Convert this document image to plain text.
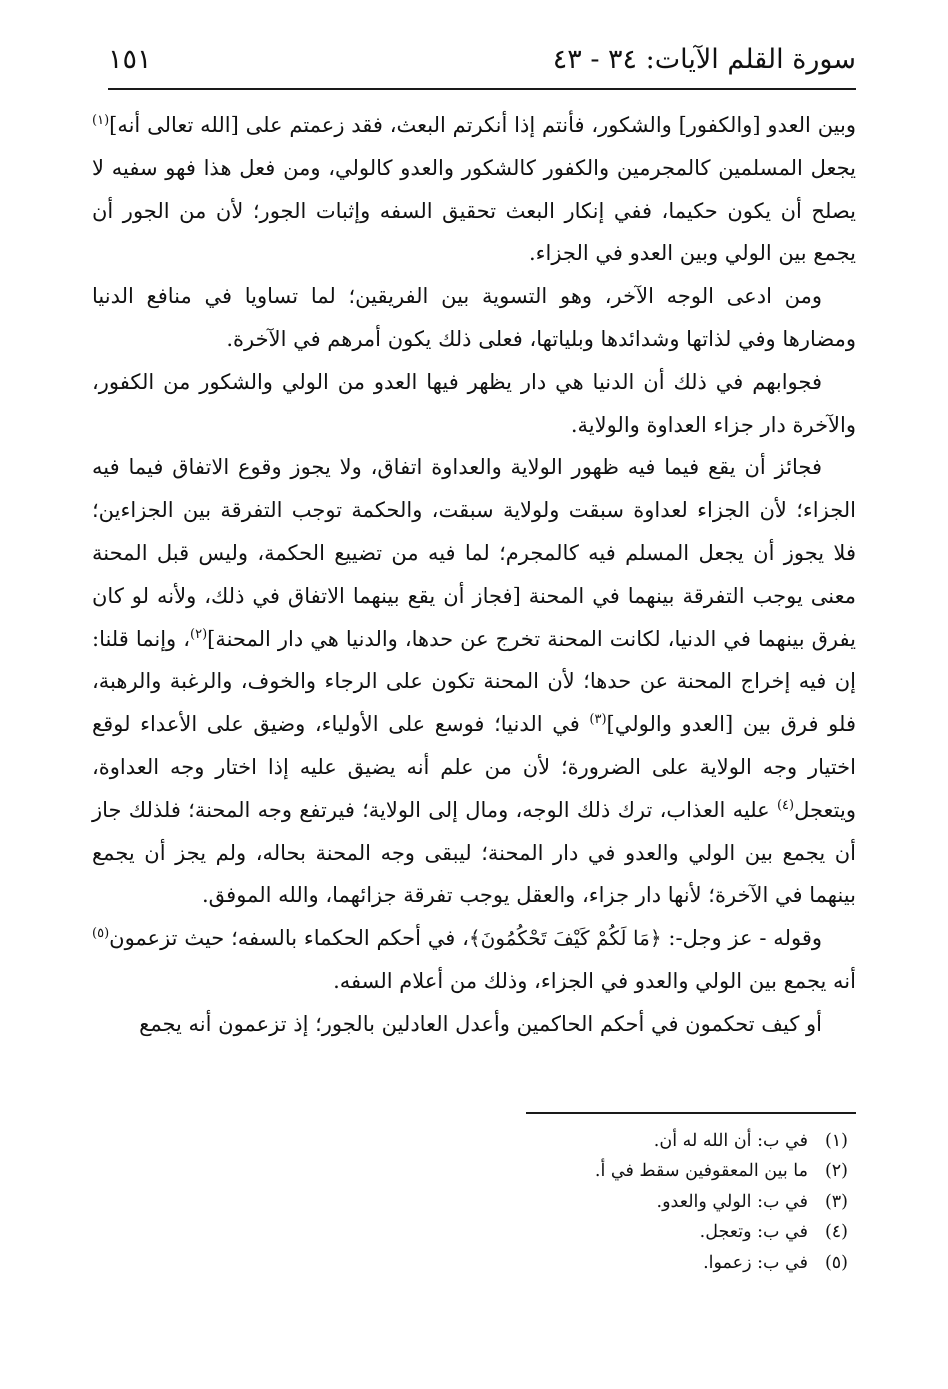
سورة القلم الآيات: ٣٤ - ٤٣
١٥١

وبين العدو [والكفور] والشكور، فأنتم إذا أنكرتم البعث، فقد زعمتم على [الله تعالى أنه]$^{(١)}$ يجعل المسلمين كالمجرمين والكفور كالشكور والعدو كالولي، ومن فعل هذا فهو سفيه لا يصلح أن يكون حكيما، ففي إنكار البعث تحقيق السفه وإثبات الجور؛ لأن من الجور أن يجمع بين الولي وبين العدو في الجزاء.

ومن ادعى الوجه الآخر، وهو التسوية بين الفريقين؛ لما تساويا في منافع الدنيا ومضارها وفي لذاتها وشدائدها وبلياتها، فعلى ذلك يكون أمرهم في الآخرة.

فجوابهم في ذلك أن الدنيا هي دار يظهر فيها العدو من الولي والشكور من الكفور، والآخرة دار جزاء العداوة والولاية.

فجائز أن يقع فيما فيه ظهور الولاية والعداوة اتفاق، ولا يجوز وقوع الاتفاق فيما فيه الجزاء؛ لأن الجزاء لعداوة سبقت ولولاية سبقت، والحكمة توجب التفرقة بين الجزاءين؛ فلا يجوز أن يجعل المسلم فيه كالمجرم؛ لما فيه من تضييع الحكمة، وليس قبل المحنة معنى يوجب التفرقة بينهما في المحنة [فجاز أن يقع بينهما الاتفاق في ذلك، ولأنه لو كان يفرق بينهما في الدنيا، لكانت المحنة تخرج عن حدها، والدنيا هي دار المحنة]$^{(٢)}$، وإنما قلنا: إن فيه إخراج المحنة عن حدها؛ لأن المحنة تكون على الرجاء والخوف، والرغبة والرهبة، فلو فرق بين [العدو والولي]$^{(٣)}$ في الدنيا؛ فوسع على الأولياء، وضيق على الأعداء لوقع اختيار وجه الولاية على الضرورة؛ لأن من علم أنه يضيق عليه إذا اختار وجه العداوة، ويتعجل$^{(٤)}$ عليه العذاب، ترك ذلك الوجه، ومال إلى الولاية؛ فيرتفع وجه المحنة؛ فلذلك جاز أن يجمع بين الولي والعدو في دار المحنة؛ ليبقى وجه المحنة بحاله، ولم يجز أن يجمع بينهما في الآخرة؛ لأنها دار جزاء، والعقل يوجب تفرقة جزائهما، والله الموفق.

وقوله - عز وجل-: ﴿مَا لَكُمْ كَيْفَ تَحْكُمُونَ﴾، في أحكم الحكماء بالسفه؛ حيث تزعمون$^{(٥)}$ أنه يجمع بين الولي والعدو في الجزاء، وذلك من أعلام السفه.

أو كيف تحكمون في أحكم الحاكمين وأعدل العادلين بالجور؛ إذ تزعمون أنه يجمع

(١)في ب: أن الله له أن.
(٢)ما بين المعقوفين سقط في أ.
(٣)في ب: الولي والعدو.
(٤)في ب: وتعجل.
(٥)في ب: زعموا.
